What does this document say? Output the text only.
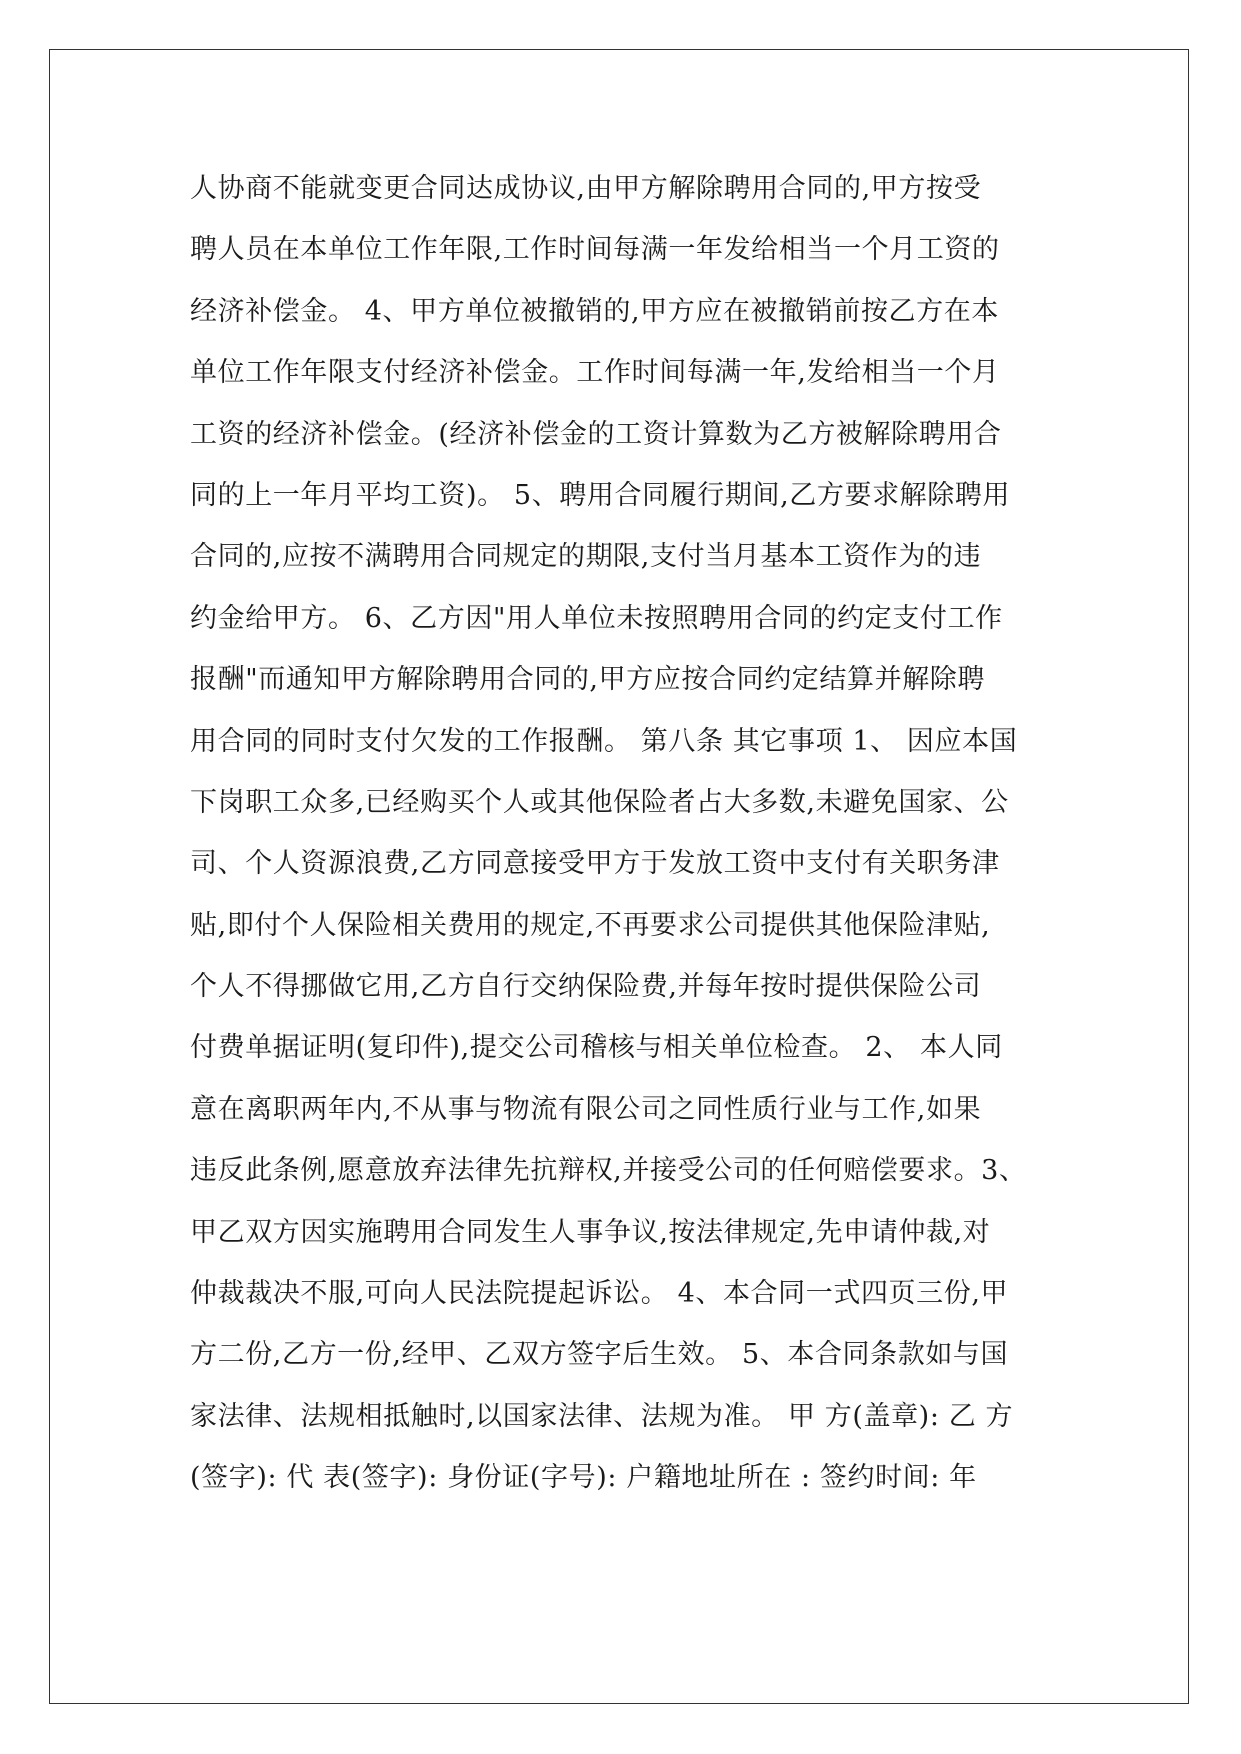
人协商不能就变更合同达成协议,由甲方解除聘用合同的,甲方按受
聘人员在本单位工作年限,工作时间每满一年发给相当一个月工资的
经济补偿金。 4、甲方单位被撤销的,甲方应在被撤销前按乙方在本
单位工作年限支付经济补偿金。工作时间每满一年,发给相当一个月
工资的经济补偿金。(经济补偿金的工资计算数为乙方被解除聘用合
同的上一年月平均工资)。 5、聘用合同履行期间,乙方要求解除聘用
合同的,应按不满聘用合同规定的期限,支付当月基本工资作为的违
约金给甲方。 6、乙方因"用人单位未按照聘用合同的约定支付工作
报酬"而通知甲方解除聘用合同的,甲方应按合同约定结算并解除聘
用合同的同时支付欠发的工作报酬。 第八条 其它事项 1、 因应本国
下岗职工众多,已经购买个人或其他保险者占大多数,未避免国家、公
司、个人资源浪费,乙方同意接受甲方于发放工资中支付有关职务津
贴,即付个人保险相关费用的规定,不再要求公司提供其他保险津贴,
个人不得挪做它用,乙方自行交纳保险费,并每年按时提供保险公司
付费单据证明(复印件),提交公司稽核与相关单位检查。 2、 本人同
意在离职两年内,不从事与物流有限公司之同性质行业与工作,如果
违反此条例,愿意放弃法律先抗辩权,并接受公司的任何赔偿要求。3、
甲乙双方因实施聘用合同发生人事争议,按法律规定,先申请仲裁,对
仲裁裁决不服,可向人民法院提起诉讼。 4、本合同一式四页三份,甲
方二份,乙方一份,经甲、乙双方签字后生效。 5、本合同条款如与国
家法律、法规相抵触时,以国家法律、法规为准。 甲 方(盖章): 乙 方
(签字): 代 表(签字): 身份证(字号): 户籍地址所在 : 签约时间: 年
